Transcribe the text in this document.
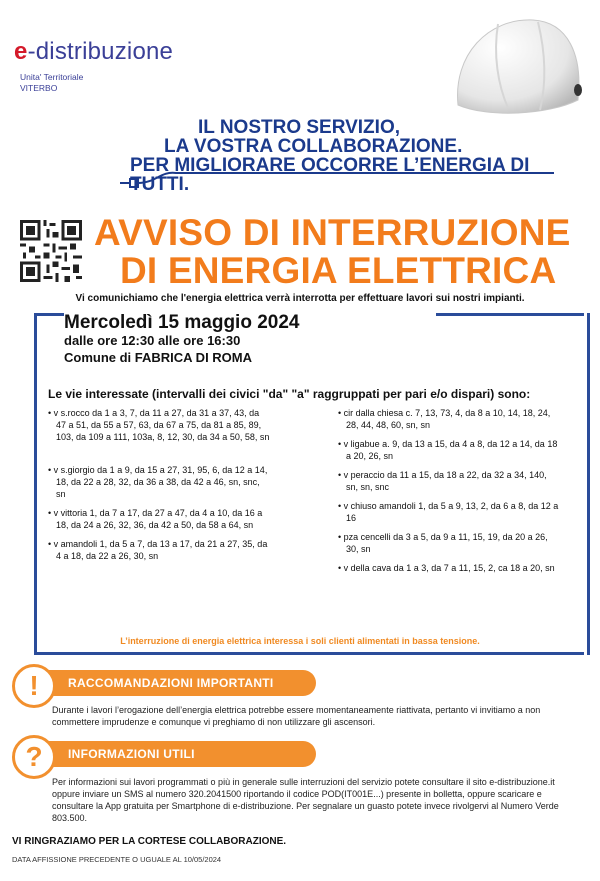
e-distribuzione
Unita' Territoriale
VITERBO
IL NOSTRO SERVIZIO,
LA VOSTRA COLLABORAZIONE.
PER MIGLIORARE OCCORRE L’ENERGIA DI TUTTI.
AVVISO DI INTERRUZIONE
DI ENERGIA ELETTRICA
Vi comunichiamo che l'energia elettrica verrà interrotta per effettuare lavori sui nostri impianti.
Mercoledì 15 maggio 2024
dalle ore 12:30 alle ore 16:30
Comune di FABRICA DI ROMA
Le vie interessate (intervalli dei civici "da" "a" raggruppati per pari e/o dispari) sono:
• v s.rocco da 1 a 3, 7, da 11 a 27, da 31 a 37, 43, da 47 a 51, da 55 a 57, 63, da 67 a 75, da 81 a 85, 89, 103, da 109 a 111, 103a, 8, 12, 30, da 34 a 50, 58, sn
• v s.giorgio da 1 a 9, da 15 a 27, 31, 95, 6, da 12 a 14, 18, da 22 a 28, 32, da 36 a 38, da 42 a 46, sn, snc, sn
• v vittoria 1, da 7 a 17, da 27 a 47, da 4 a 10, da 16 a 18, da 24 a 26, 32, 36, da 42 a 50, da 58 a 64, sn
• v amandoli 1, da 5 a 7, da 13 a 17, da 21 a 27, 35, da 4 a 18, da 22 a 26, 30, sn
• cir dalla chiesa c. 7, 13, 73, 4, da 8 a 10, 14, 18, 24, 28, 44, 48, 60, sn, sn
• v ligabue a. 9, da 13 a 15, da 4 a 8, da 12 a 14, da 18 a 20, 26, sn
• v peraccio da 11 a 15, da 18 a 22, da 32 a 34, 140, sn, sn, snc
• v chiuso amandoli 1, da 5 a 9, 13, 2, da 6 a 8, da 12 a 16
• pza cencelli da 3 a 5, da 9 a 11, 15, 19, da 20 a 26, 30, sn
• v della cava da 1 a 3, da 7 a 11, 15, 2, ca 18 a 20, sn
L’interruzione di energia elettrica interessa i soli clienti alimentati in bassa tensione.
RACCOMANDAZIONI IMPORTANTI
!
Durante i lavori l’erogazione dell’energia elettrica potrebbe essere momentaneamente riattivata, pertanto vi invitiamo a non commettere imprudenze e comunque vi preghiamo di non utilizzare gli ascensori.
INFORMAZIONI UTILI
?
Per informazioni sui lavori programmati o più in generale sulle interruzioni del servizio potete consultare il sito e-distribuzione.it oppure inviare un SMS al numero 320.2041500 riportando il codice POD(IT001E...) presente in bolletta, oppure scaricare e consultare la App gratuita per Smartphone di e-distribuzione. Per segnalare un guasto potete invece rivolgervi al Numero Verde 803.500.
VI RINGRAZIAMO PER LA CORTESE COLLABORAZIONE.
DATA AFFISSIONE PRECEDENTE O UGUALE AL 10/05/2024
